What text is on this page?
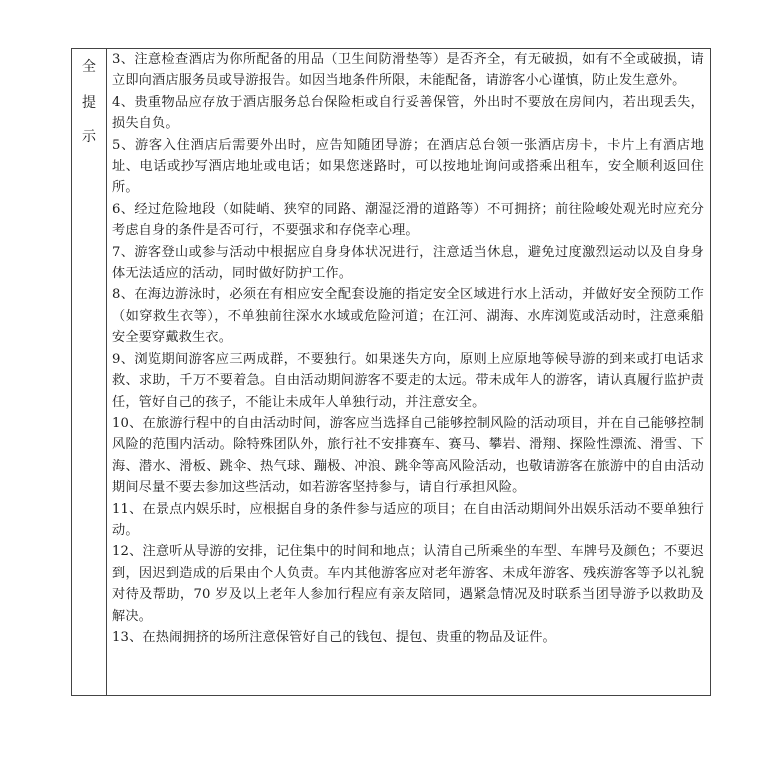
全
提
示

3、注意检查酒店为你所配备的用品（卫生间防滑垫等）是否齐全，有无破损，如有不全或破损，请立即向酒店服务员或导游报告。如因当地条件所限，未能配备，请游客小心谨慎，防止发生意外。

4、贵重物品应存放于酒店服务总台保险柜或自行妥善保管，外出时不要放在房间内，若出现丢失，损失自负。

5、游客入住酒店后需要外出时，应告知随团导游；在酒店总台领一张酒店房卡，卡片上有酒店地址、电话或抄写酒店地址或电话；如果您迷路时，可以按地址询问或搭乘出租车，安全顺利返回住所。

6、经过危险地段（如陡峭、狭窄的同路、潮湿泛滑的道路等）不可拥挤；前往险峻处观光时应充分考虑自身的条件是否可行，不要强求和存侥幸心理。

7、游客登山或参与活动中根据应自身身体状况进行，注意适当休息，避免过度激烈运动以及自身身体无法适应的活动，同时做好防护工作。

8、在海边游泳时，必须在有相应安全配套设施的指定安全区域进行水上活动，并做好安全预防工作（如穿救生衣等），不单独前往深水水域或危险河道；在江河、湖海、水库浏览或活动时，注意乘船安全要穿戴救生衣。

9、浏览期间游客应三两成群，不要独行。如果迷失方向，原则上应原地等候导游的到来或打电话求救、求助，千万不要着急。自由活动期间游客不要走的太远。带未成年人的游客，请认真履行监护责任，管好自己的孩子，不能让未成年人单独行动，并注意安全。

10、在旅游行程中的自由活动时间，游客应当选择自己能够控制风险的活动项目，并在自己能够控制风险的范围内活动。除特殊团队外，旅行社不安排赛车、赛马、攀岩、滑翔、探险性漂流、滑雪、下海、潜水、滑板、跳伞、热气球、蹦极、冲浪、跳伞等高风险活动，也敬请游客在旅游中的自由活动期间尽量不要去参加这些活动，如若游客坚持参与，请自行承担风险。

11、在景点内娱乐时，应根据自身的条件参与适应的项目；在自由活动期间外出娱乐活动不要单独行动。

12、注意听从导游的安排，记住集中的时间和地点；认清自己所乘坐的车型、车牌号及颜色；不要迟到，因迟到造成的后果由个人负责。车内其他游客应对老年游客、未成年游客、残疾游客等予以礼貌对待及帮助，70 岁及以上老年人参加行程应有亲友陪同，遇紧急情况及时联系当团导游予以救助及解决。

13、在热闹拥挤的场所注意保管好自己的钱包、提包、贵重的物品及证件。
